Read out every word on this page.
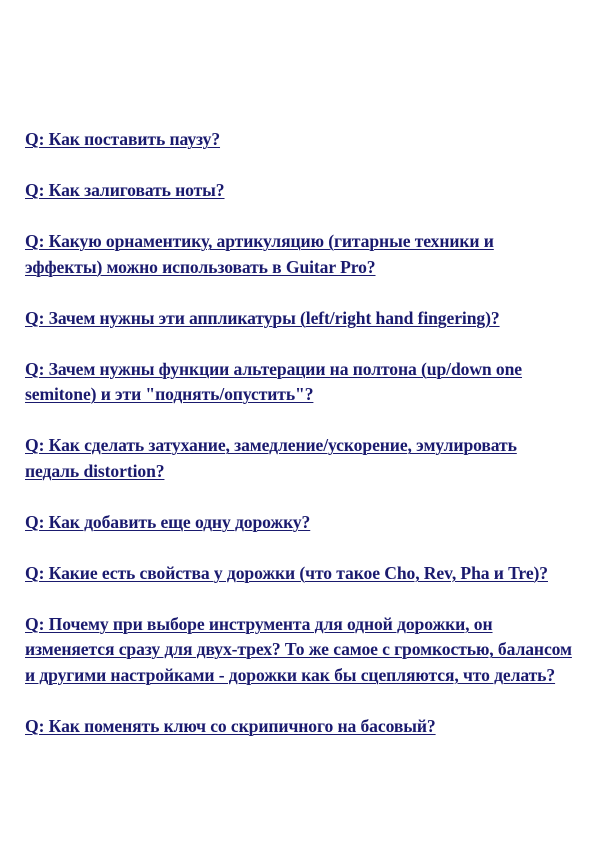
Q: Как поставить паузу?
Q: Как залиговать ноты?
Q: Какую орнаментику, артикуляцию (гитарные техники и эффекты) можно использовать в Guitar Pro?
Q: Зачем нужны эти аппликатуры (left/right hand fingering)?
Q: Зачем нужны функции альтерации на полтона (up/down one semitone) и эти "поднять/опустить"?
Q: Как сделать затухание, замедление/ускорение, эмулировать педаль distortion?
Q: Как добавить еще одну дорожку?
Q: Какие есть свойства у дорожки (что такое Cho, Rev, Pha и Tre)?
Q: Почему при выборе инструмента для одной дорожки, он изменяется сразу для двух-трех? То же самое с громкостью, балансом и другими настройками - дорожки как бы сцепляются, что делать?
Q: Как поменять ключ со скрипичного на басовый?
